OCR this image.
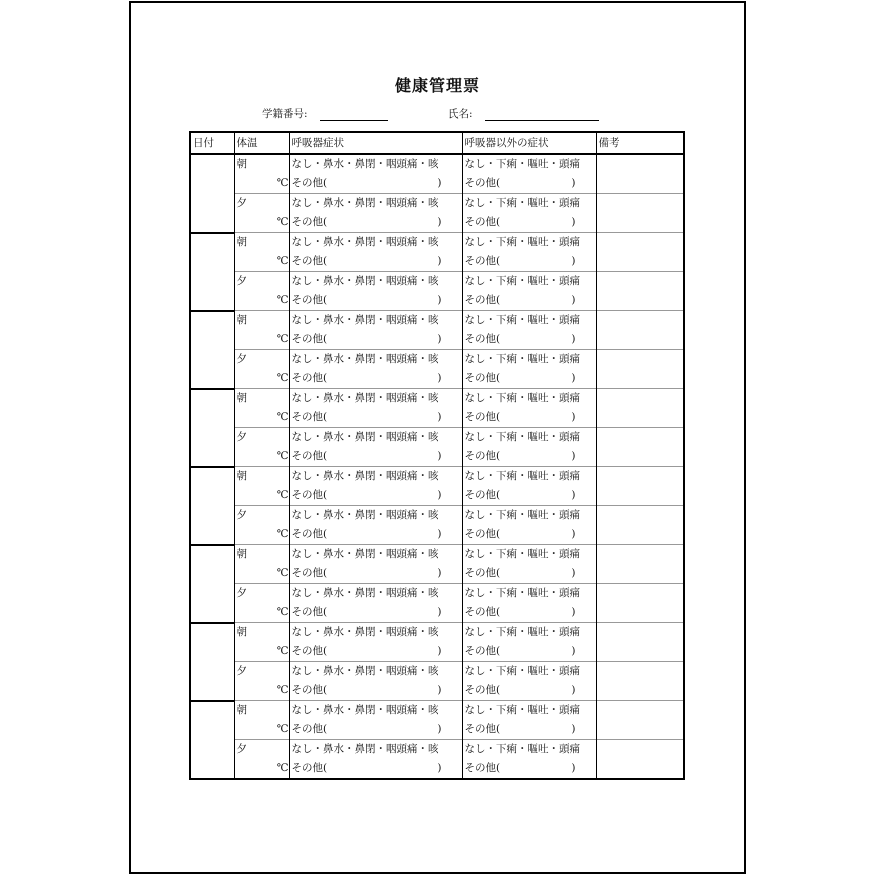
健康管理票
学籍番号:	氏名:
日付	体温	呼吸器症状	呼吸器以外の症状	備考
	朝	なし・鼻水・鼻閉・咽頭痛・咳	なし・下痢・嘔吐・頭痛	
	℃	その他( )	その他( )	

	夕	なし・鼻水・鼻閉・咽頭痛・咳	なし・下痢・嘔吐・頭痛	
	℃	その他( )	その他( )	

	朝	なし・鼻水・鼻閉・咽頭痛・咳	なし・下痢・嘔吐・頭痛	
	℃	その他( )	その他( )	

	夕	なし・鼻水・鼻閉・咽頭痛・咳	なし・下痢・嘔吐・頭痛	
	℃	その他( )	その他( )	

	朝	なし・鼻水・鼻閉・咽頭痛・咳	なし・下痢・嘔吐・頭痛	
	℃	その他( )	その他( )	

	夕	なし・鼻水・鼻閉・咽頭痛・咳	なし・下痢・嘔吐・頭痛	
	℃	その他( )	その他( )	

	朝	なし・鼻水・鼻閉・咽頭痛・咳	なし・下痢・嘔吐・頭痛	
	℃	その他( )	その他( )	

	夕	なし・鼻水・鼻閉・咽頭痛・咳	なし・下痢・嘔吐・頭痛	
	℃	その他( )	その他( )	

	朝	なし・鼻水・鼻閉・咽頭痛・咳	なし・下痢・嘔吐・頭痛	
	℃	その他( )	その他( )	

	夕	なし・鼻水・鼻閉・咽頭痛・咳	なし・下痢・嘔吐・頭痛	
	℃	その他( )	その他( )	

	朝	なし・鼻水・鼻閉・咽頭痛・咳	なし・下痢・嘔吐・頭痛	
	℃	その他( )	その他( )	

	夕	なし・鼻水・鼻閉・咽頭痛・咳	なし・下痢・嘔吐・頭痛	
	℃	その他( )	その他( )	

	朝	なし・鼻水・鼻閉・咽頭痛・咳	なし・下痢・嘔吐・頭痛	
	℃	その他( )	その他( )	

	夕	なし・鼻水・鼻閉・咽頭痛・咳	なし・下痢・嘔吐・頭痛	
	℃	その他( )	その他( )	

	朝	なし・鼻水・鼻閉・咽頭痛・咳	なし・下痢・嘔吐・頭痛	
	℃	その他( )	その他( )	

	夕	なし・鼻水・鼻閉・咽頭痛・咳	なし・下痢・嘔吐・頭痛	
	℃	その他( )	その他( )	
